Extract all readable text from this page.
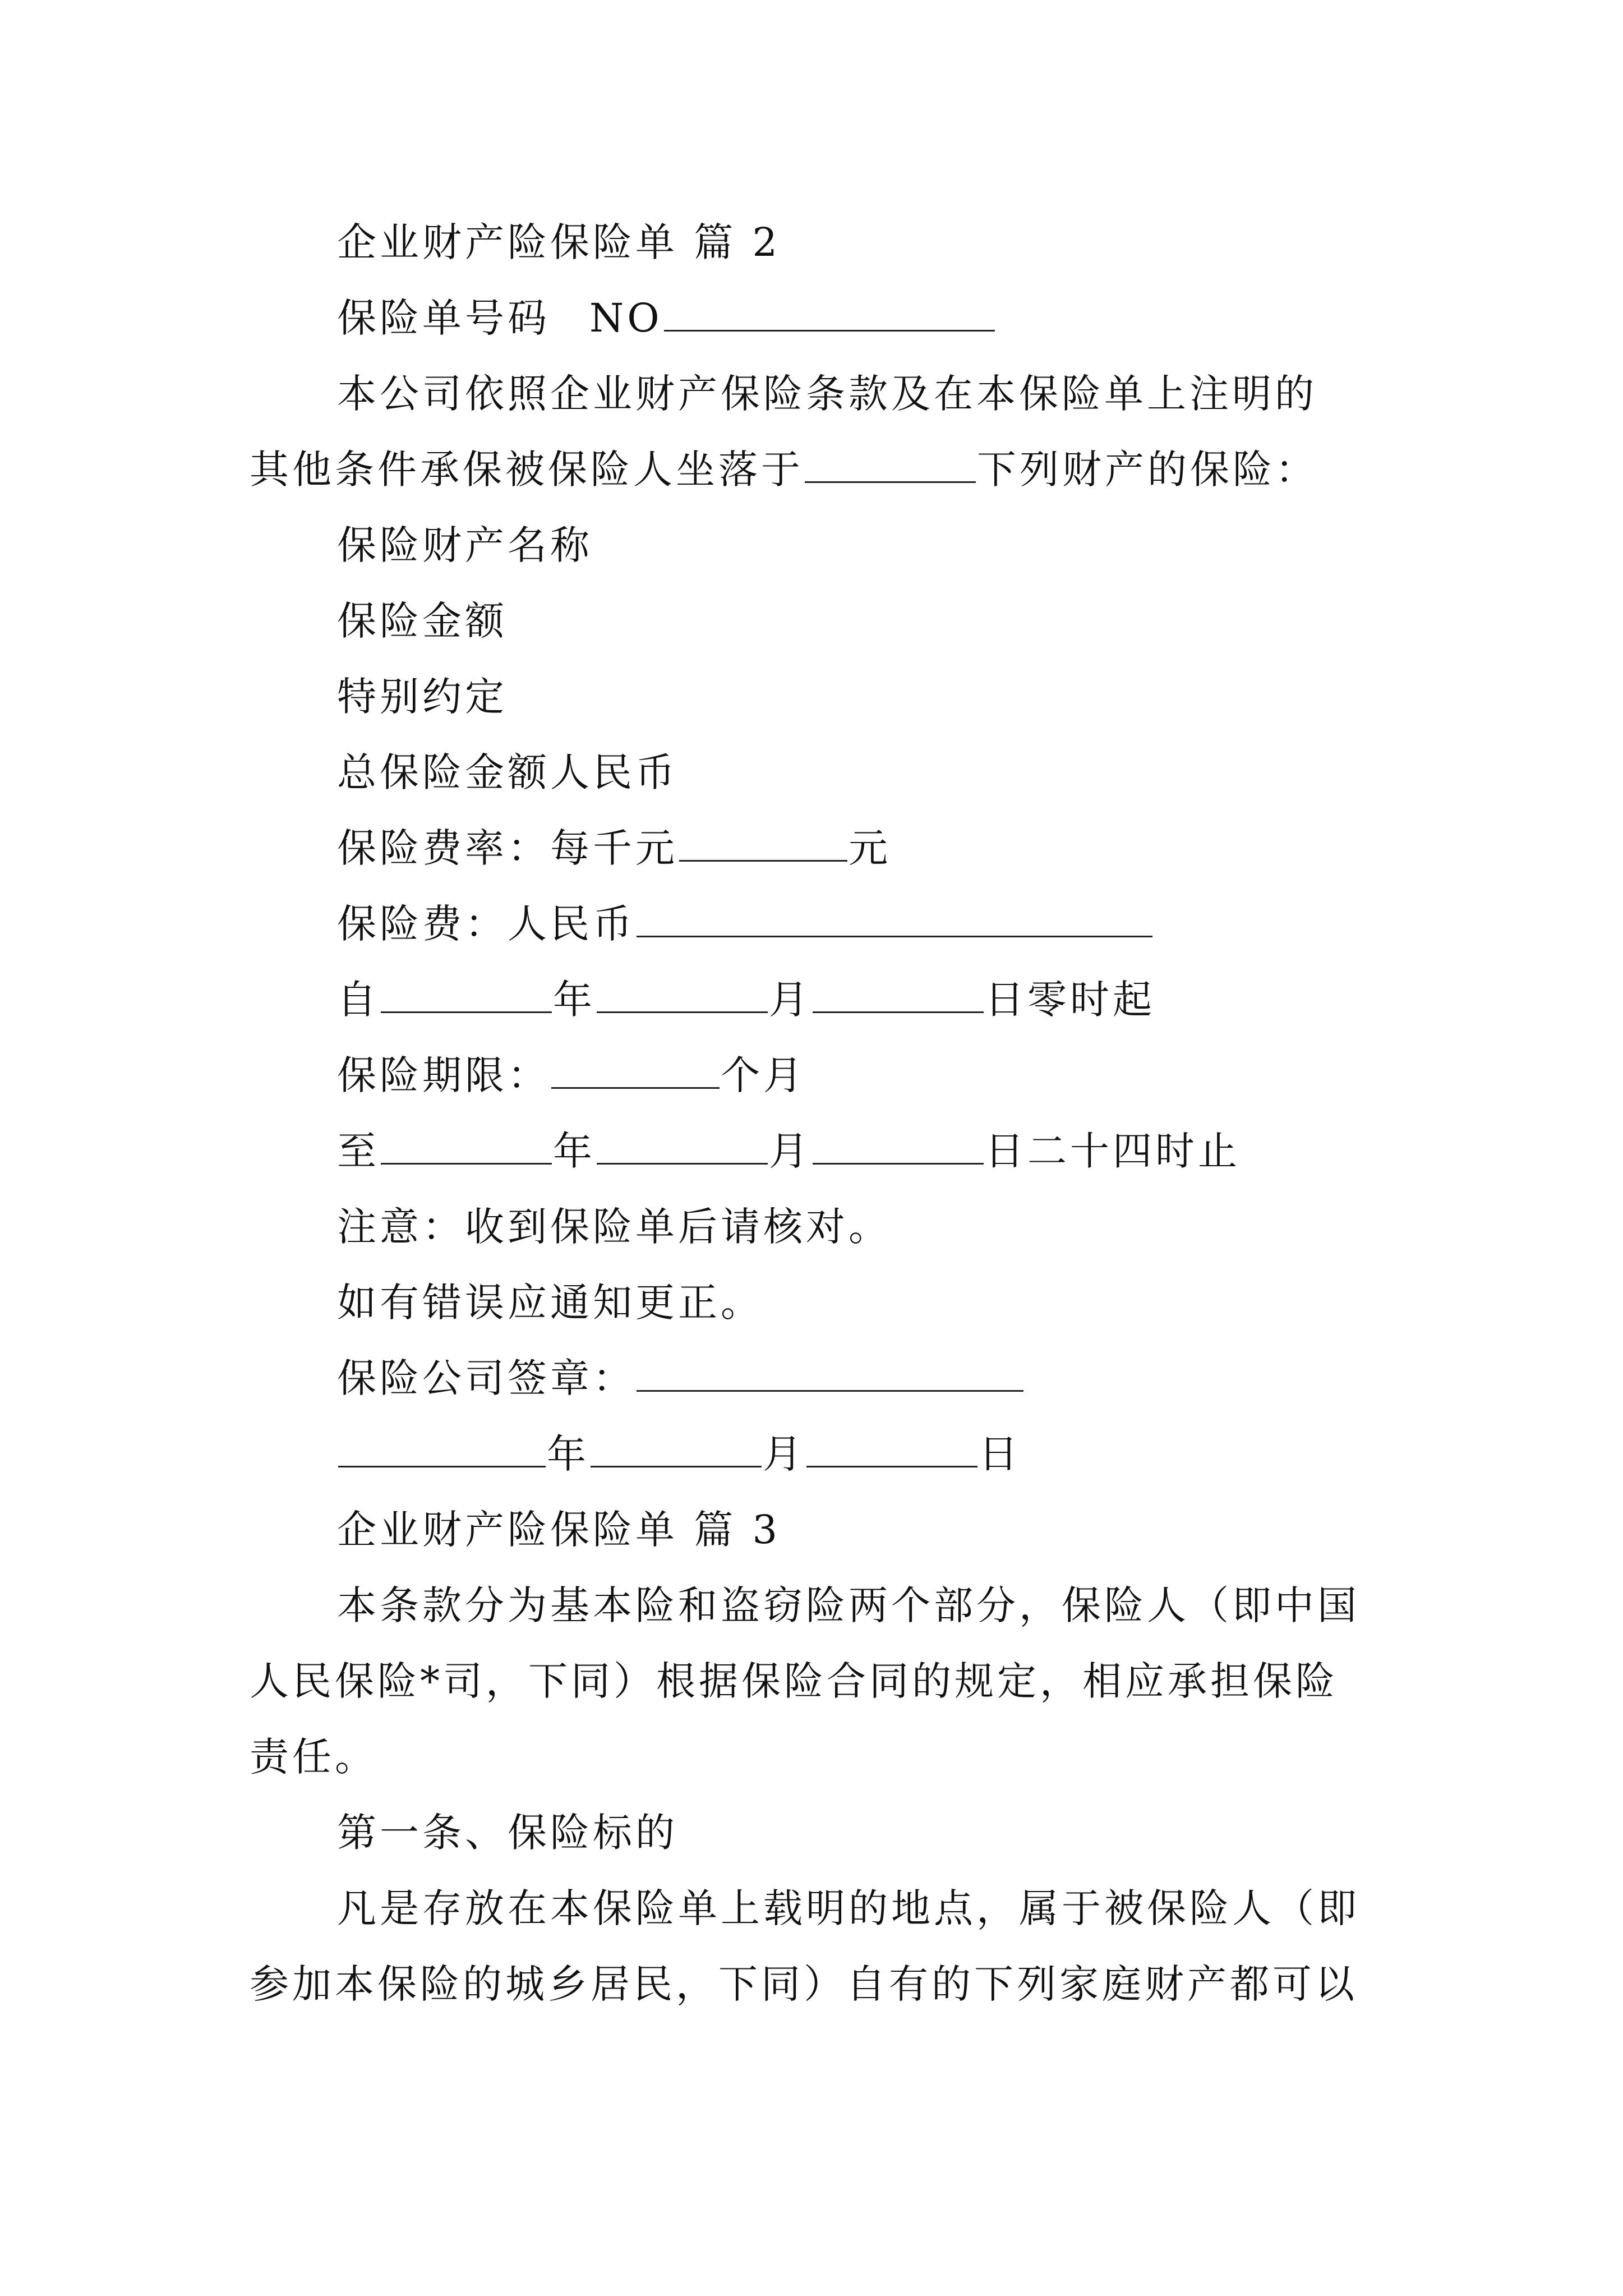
企业财产险保险单 篇 2
保险单号码 NO
本公司依照企业财产保险条款及在本保险单上注明的
其他条件承保被保险人坐落于	下列财产的保险：
保险财产名称
保险金额
特别约定
总保险金额人民币
保险费率：每千元	元
保险费：人民币
自	年	月	日零时起
保险期限：	个月
至	年	月	日二十四时止
注意：收到保险单后请核对。
如有错误应通知更正。
保险公司签章：
年	月	日
企业财产险保险单 篇 3
本条款分为基本险和盗窃险两个部分，保险人（即中国
人民保险*司，下同）根据保险合同的规定，相应承担保险
责任。
第一条、保险标的
凡是存放在本保险单上载明的地点，属于被保险人（即
参加本保险的城乡居民，下同）自有的下列家庭财产都可以
